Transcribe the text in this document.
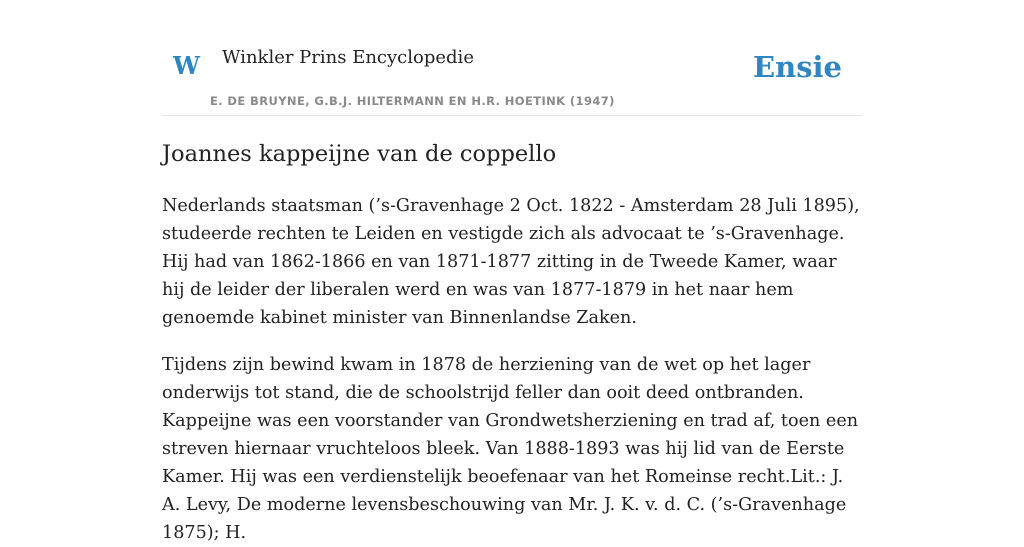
W Winkler Prins Encyclopedie
E. DE BRUYNE, G.B.J. HILTERMANN EN H.R. HOETINK (1947)
Ensie
Joannes kappeijne van de coppello

Nederlands staatsman (’s-Gravenhage 2 Oct. 1822 - Amsterdam 28 Juli 1895), studeerde rechten te Leiden en vestigde zich als advocaat te ’s-Gravenhage. Hij had van 1862-1866 en van 1871-1877 zitting in de Tweede Kamer, waar hij de leider der liberalen werd en was van 1877-1879 in het naar hem genoemde kabinet minister van Binnenlandse Zaken.

Tijdens zijn bewind kwam in 1878 de herziening van de wet op het lager onderwijs tot stand, die de schoolstrijd feller dan ooit deed ontbranden. Kappeijne was een voorstander van Grondwetsherziening en trad af, toen een streven hiernaar vruchteloos bleek. Van 1888-1893 was hij lid van de Eerste Kamer. Hij was een verdienstelijk beoefenaar van het Romeinse recht.Lit.: J. A. Levy, De moderne levensbeschouwing van Mr. J. K. v. d. C. (’s-Gravenhage 1875); H.
